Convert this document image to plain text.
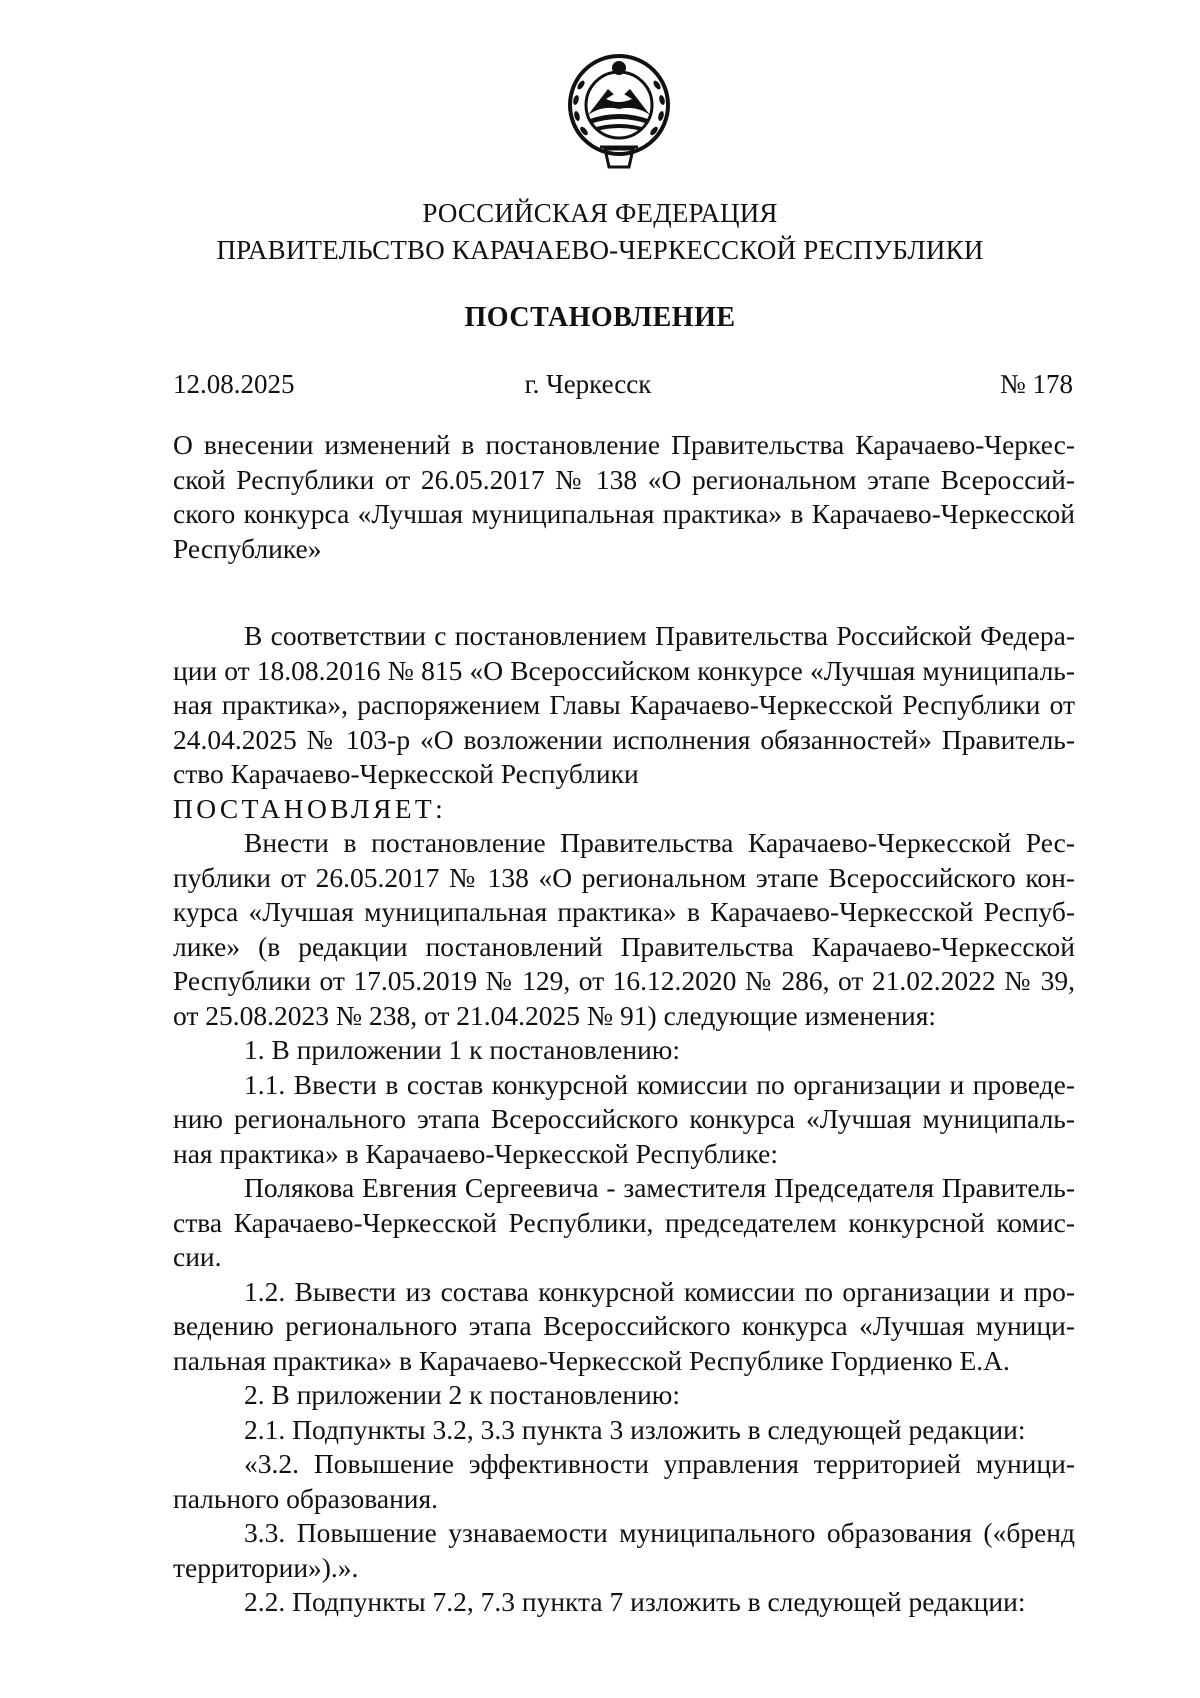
РОССИЙСКАЯ ФЕДЕРАЦИЯ
ПРАВИТЕЛЬСТВО КАРАЧАЕВО-ЧЕРКЕССКОЙ РЕСПУБЛИКИ
ПОСТАНОВЛЕНИЕ
12.08.2025	г. Черкесск	№ 178
О внесении изменений в постановление Правительства Карачаево-Черкес-
ской Республики от 26.05.2017 № 138 «О региональном этапе Всероссий-
ского конкурса «Лучшая муниципальная практика» в Карачаево-Черкесской
Республике»
В соответствии с постановлением Правительства Российской Федера-
ции от 18.08.2016 № 815 «О Всероссийском конкурсе «Лучшая муниципаль-
ная практика», распоряжением Главы Карачаево-Черкесской Республики от
24.04.2025 № 103-р «О возложении исполнения обязанностей» Правитель-
ство Карачаево-Черкесской Республики
ПОСТАНОВЛЯЕТ:
Внести в постановление Правительства Карачаево-Черкесской Рес-
публики от 26.05.2017 № 138 «О региональном этапе Всероссийского кон-
курса «Лучшая муниципальная практика» в Карачаево-Черкесской Респуб-
лике» (в редакции постановлений Правительства Карачаево-Черкесской
Республики от 17.05.2019 № 129, от 16.12.2020 № 286, от 21.02.2022 № 39,
от 25.08.2023 № 238, от 21.04.2025 № 91) следующие изменения:
1. В приложении 1 к постановлению:
1.1. Ввести в состав конкурсной комиссии по организации и проведе-
нию регионального этапа Всероссийского конкурса «Лучшая муниципаль-
ная практика» в Карачаево-Черкесской Республике:
Полякова Евгения Сергеевича - заместителя Председателя Правитель-
ства Карачаево-Черкесской Республики, председателем конкурсной комис-
сии.
1.2. Вывести из состава конкурсной комиссии по организации и про-
ведению регионального этапа Всероссийского конкурса «Лучшая муници-
пальная практика» в Карачаево-Черкесской Республике Гордиенко Е.А.
2. В приложении 2 к постановлению:
2.1. Подпункты 3.2, 3.3 пункта 3 изложить в следующей редакции:
«3.2. Повышение эффективности управления территорией муници-
пального образования.
3.3. Повышение узнаваемости муниципального образования («бренд
территории»).».
2.2. Подпункты 7.2, 7.3 пункта 7 изложить в следующей редакции:
